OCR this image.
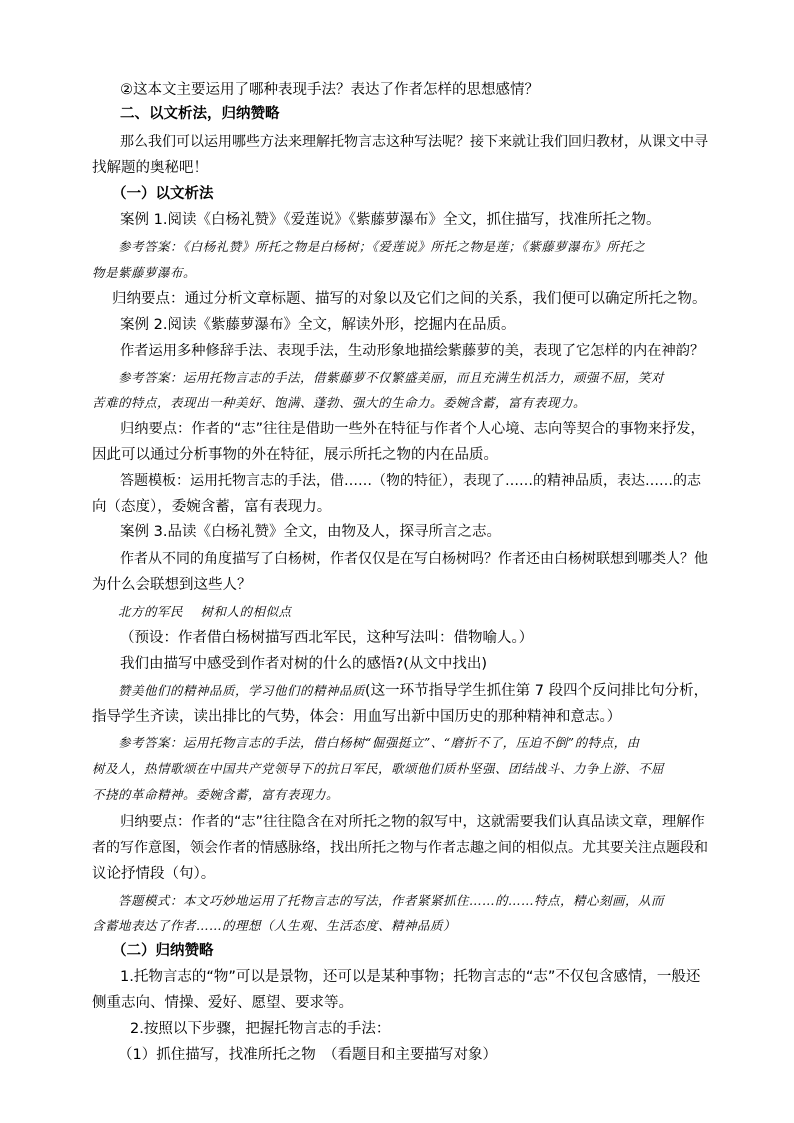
②这本文主要运用了哪种表现手法？表达了作者怎样的思想感情？
二、以文析法，归纳赞略
那么我们可以运用哪些方法来理解托物言志这种写法呢？接下来就让我们回归教材，从课文中寻
找解题的奥秘吧！
（一）以文析法
案例 1.阅读《白杨礼赞》《爱莲说》《紫藤萝瀑布》全文，抓住描写，找准所托之物。
参考答案：《白杨礼赞》所托之物是白杨树；《爱莲说》所托之物是莲；《紫藤萝瀑布》所托之
物是紫藤萝瀑布。
归纳要点：通过分析文章标题、描写的对象以及它们之间的关系，我们便可以确定所托之物。
案例 2.阅读《紫藤萝瀑布》全文，解读外形，挖掘内在品质。
作者运用多种修辞手法、表现手法，生动形象地描绘紫藤萝的美，表现了它怎样的内在神韵？
参考答案：运用托物言志的手法，借紫藤萝不仅繁盛美丽，而且充满生机活力，顽强不屈，笑对
苦难的特点，表现出一种美好、饱满、蓬勃、强大的生命力。委婉含蓄，富有表现力。
归纳要点：作者的“志”往往是借助一些外在特征与作者个人心境、志向等契合的事物来抒发，
因此可以通过分析事物的外在特征，展示所托之物的内在品质。
答题模板：运用托物言志的手法，借……（物的特征），表现了……的精神品质，表达……的志
向（态度），委婉含蓄，富有表现力。
案例 3.品读《白杨礼赞》全文，由物及人，探寻所言之志。
作者从不同的角度描写了白杨树，作者仅仅是在写白杨树吗？作者还由白杨树联想到哪类人？他
为什么会联想到这些人？
北方的军民　 树和人的相似点
（预设：作者借白杨树描写西北军民，这种写法叫：借物喻人。）
我们由描写中感受到作者对树的什么的感悟?(从文中找出)
赞美他们的精神品质，学习他们的精神品质(这一环节指导学生抓住第 7 段四个反问排比句分析，
指导学生齐读，读出排比的气势，体会：用血写出新中国历史的那种精神和意志。）
参考答案：运用托物言志的手法，借白杨树“倔强挺立”、“磨折不了，压迫不倒”的特点，由
树及人，热情歌颂在中国共产党领导下的抗日军民，歌颂他们质朴坚强、团结战斗、力争上游、不屈
不挠的革命精神。委婉含蓄，富有表现力。
归纳要点：作者的“志”往往隐含在对所托之物的叙写中，这就需要我们认真品读文章，理解作
者的写作意图，领会作者的情感脉络，找出所托之物与作者志趣之间的相似点。尤其要关注点题段和
议论抒情段（句）。
答题模式：本文巧妙地运用了托物言志的写法，作者紧紧抓住……的……特点，精心刻画，从而
含蓄地表达了作者……的理想（人生观、生活态度、精神品质）
（二）归纳赞略
1.托物言志的“物”可以是景物，还可以是某种事物；托物言志的“志”不仅包含感情，一般还
侧重志向、情操、爱好、愿望、要求等。
2.按照以下步骤，把握托物言志的手法：
（1）抓住描写，找准所托之物　（看题目和主要描写对象）
